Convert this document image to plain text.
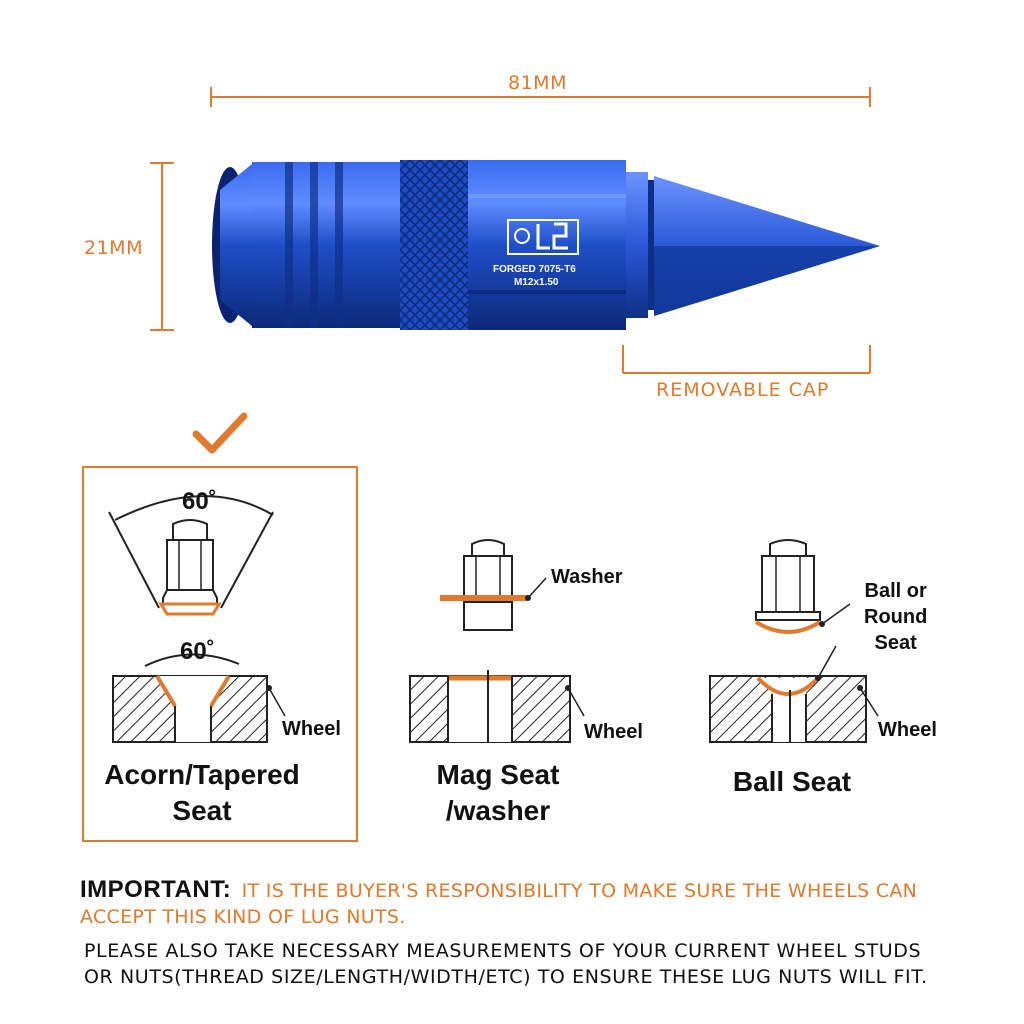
81MM
21MM
REMOVABLE CAP
FORGED 7075-T6
M12x1.50
60˚
60˚
Wheel
Acorn/Tapered
Seat
Washer
Wheel
Mag Seat
/washer
Ball or
Round
Seat
Wheel
Ball Seat
IMPORTANT: IT IS THE BUYER'S RESPONSIBILITY TO MAKE SURE THE WHEELS CAN
ACCEPT THIS KIND OF LUG NUTS.
PLEASE ALSO TAKE NECESSARY MEASUREMENTS OF YOUR CURRENT WHEEL STUDS
OR NUTS(THREAD SIZE/LENGTH/WIDTH/ETC) TO ENSURE THESE LUG NUTS WILL FIT.
